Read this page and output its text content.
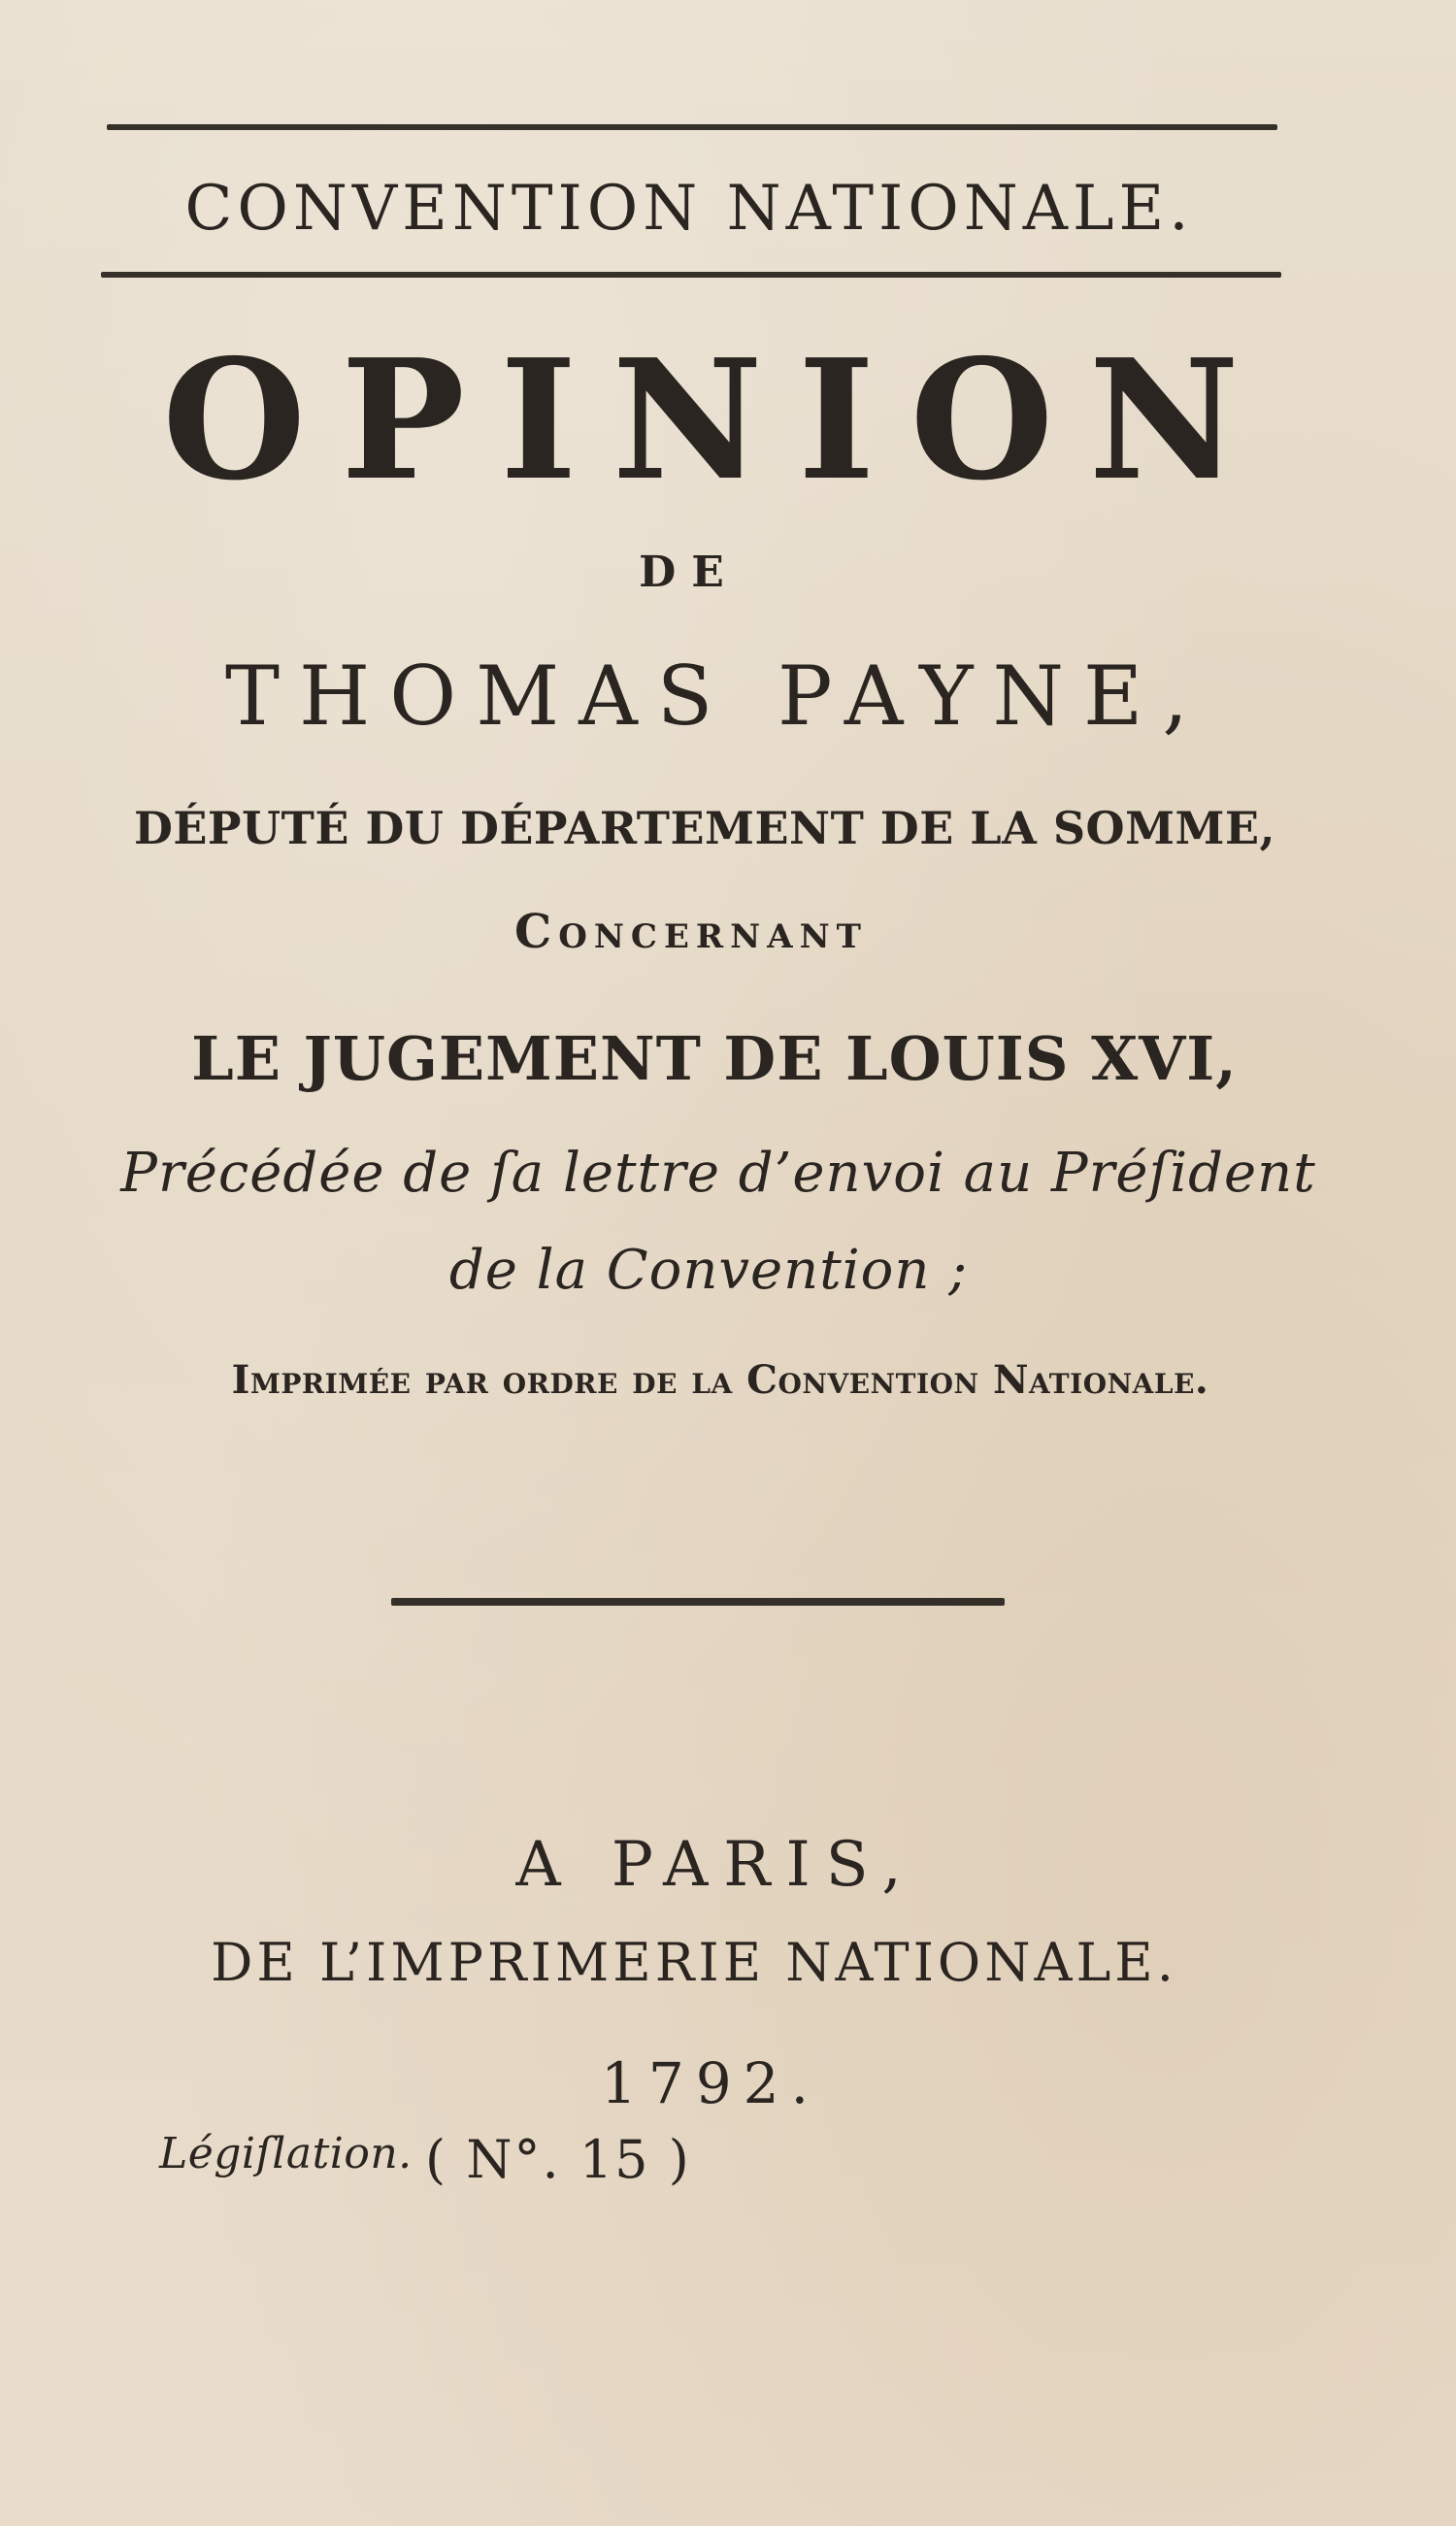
CONVENTION NATIONALE.
OPINION
DE
THOMAS PAYNE,
DÉPUTÉ DU DÉPARTEMENT DE LA SOMME,
Concernant
LE JUGEMENT DE LOUIS XVI,
Précédée de ſa lettre d’envoi au Préſident
de la Convention ;
Imprimée par ordre de la Convention Nationale.
A PARIS,
DE L’IMPRIMERIE NATIONALE.
1792.
Légiſlation. ( N°. 15 )
